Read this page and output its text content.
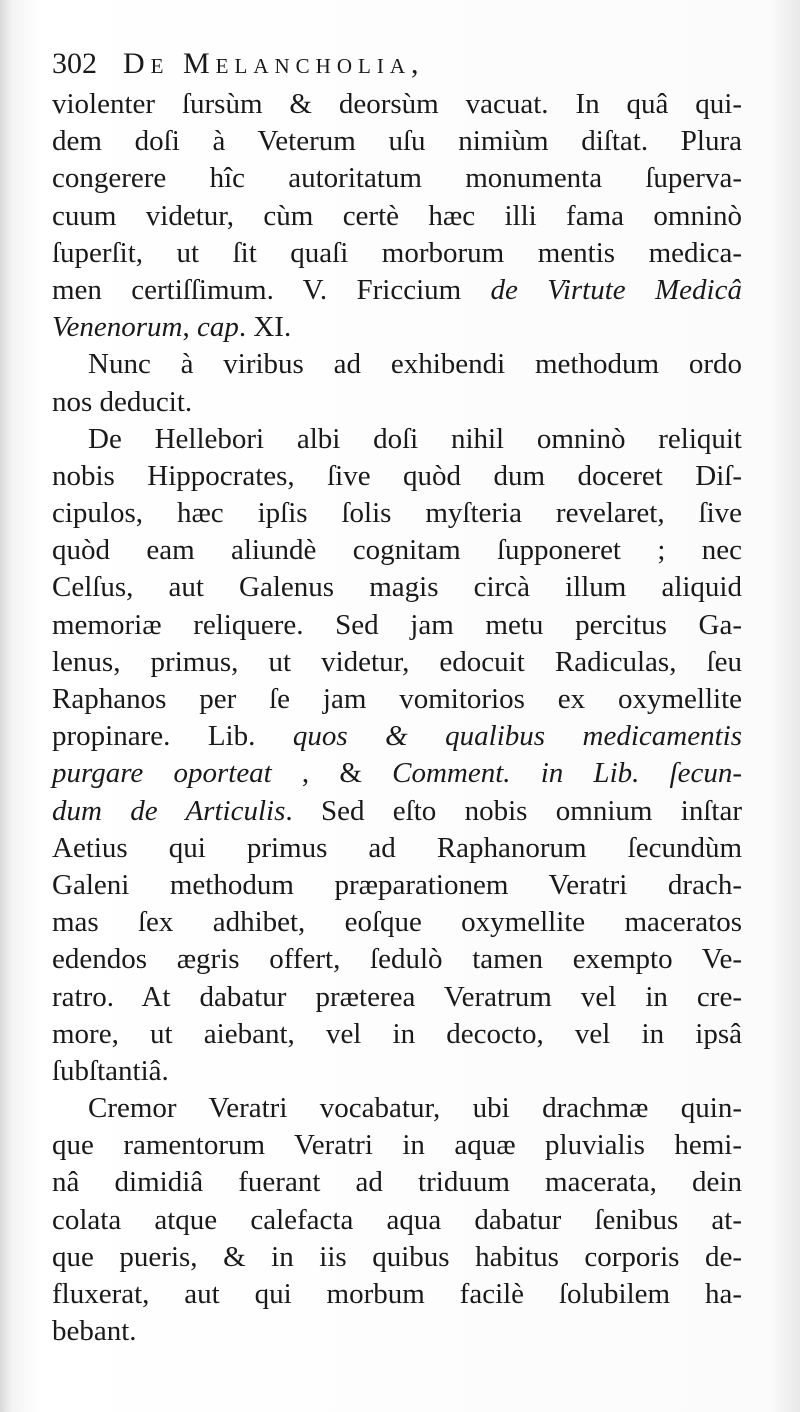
302 De Melancholia,
violenter ſursùm & deorsùm vacuat. In quâ qui-
dem doſi à Veterum uſu nimiùm diſtat. Plura
congerere hîc autoritatum monumenta ſuperva-
cuum videtur, cùm certè hæc illi fama omninò
ſuperſit, ut ſit quaſi morborum mentis medica-
men certiſſimum. V. Friccium de Virtute Medicâ
Venenorum, cap. XI.
Nunc à viribus ad exhibendi methodum ordo
nos deducit.
De Hellebori albi doſi nihil omninò reliquit
nobis Hippocrates, ſive quòd dum doceret Diſ-
cipulos, hæc ipſis ſolis myſteria revelaret, ſive
quòd eam aliundè cognitam ſupponeret ; nec
Celſus, aut Galenus magis circà illum aliquid
memoriæ reliquere. Sed jam metu percitus Ga-
lenus, primus, ut videtur, edocuit Radiculas, ſeu
Raphanos per ſe jam vomitorios ex oxymellite
propinare. Lib. quos & qualibus medicamentis
purgare oporteat , & Comment. in Lib. ſecun-
dum de Articulis. Sed eſto nobis omnium inſtar
Aetius qui primus ad Raphanorum ſecundùm
Galeni methodum præparationem Veratri drach-
mas ſex adhibet, eoſque oxymellite maceratos
edendos ægris offert, ſedulò tamen exempto Ve-
ratro. At dabatur præterea Veratrum vel in cre-
more, ut aiebant, vel in decocto, vel in ipsâ
ſubſtantiâ.
Cremor Veratri vocabatur, ubi drachmæ quin-
que ramentorum Veratri in aquæ pluvialis hemi-
nâ dimidiâ fuerant ad triduum macerata, dein
colata atque calefacta aqua dabatur ſenibus at-
que pueris, & in iis quibus habitus corporis de-
fluxerat, aut qui morbum facilè ſolubilem ha-
bebant.
